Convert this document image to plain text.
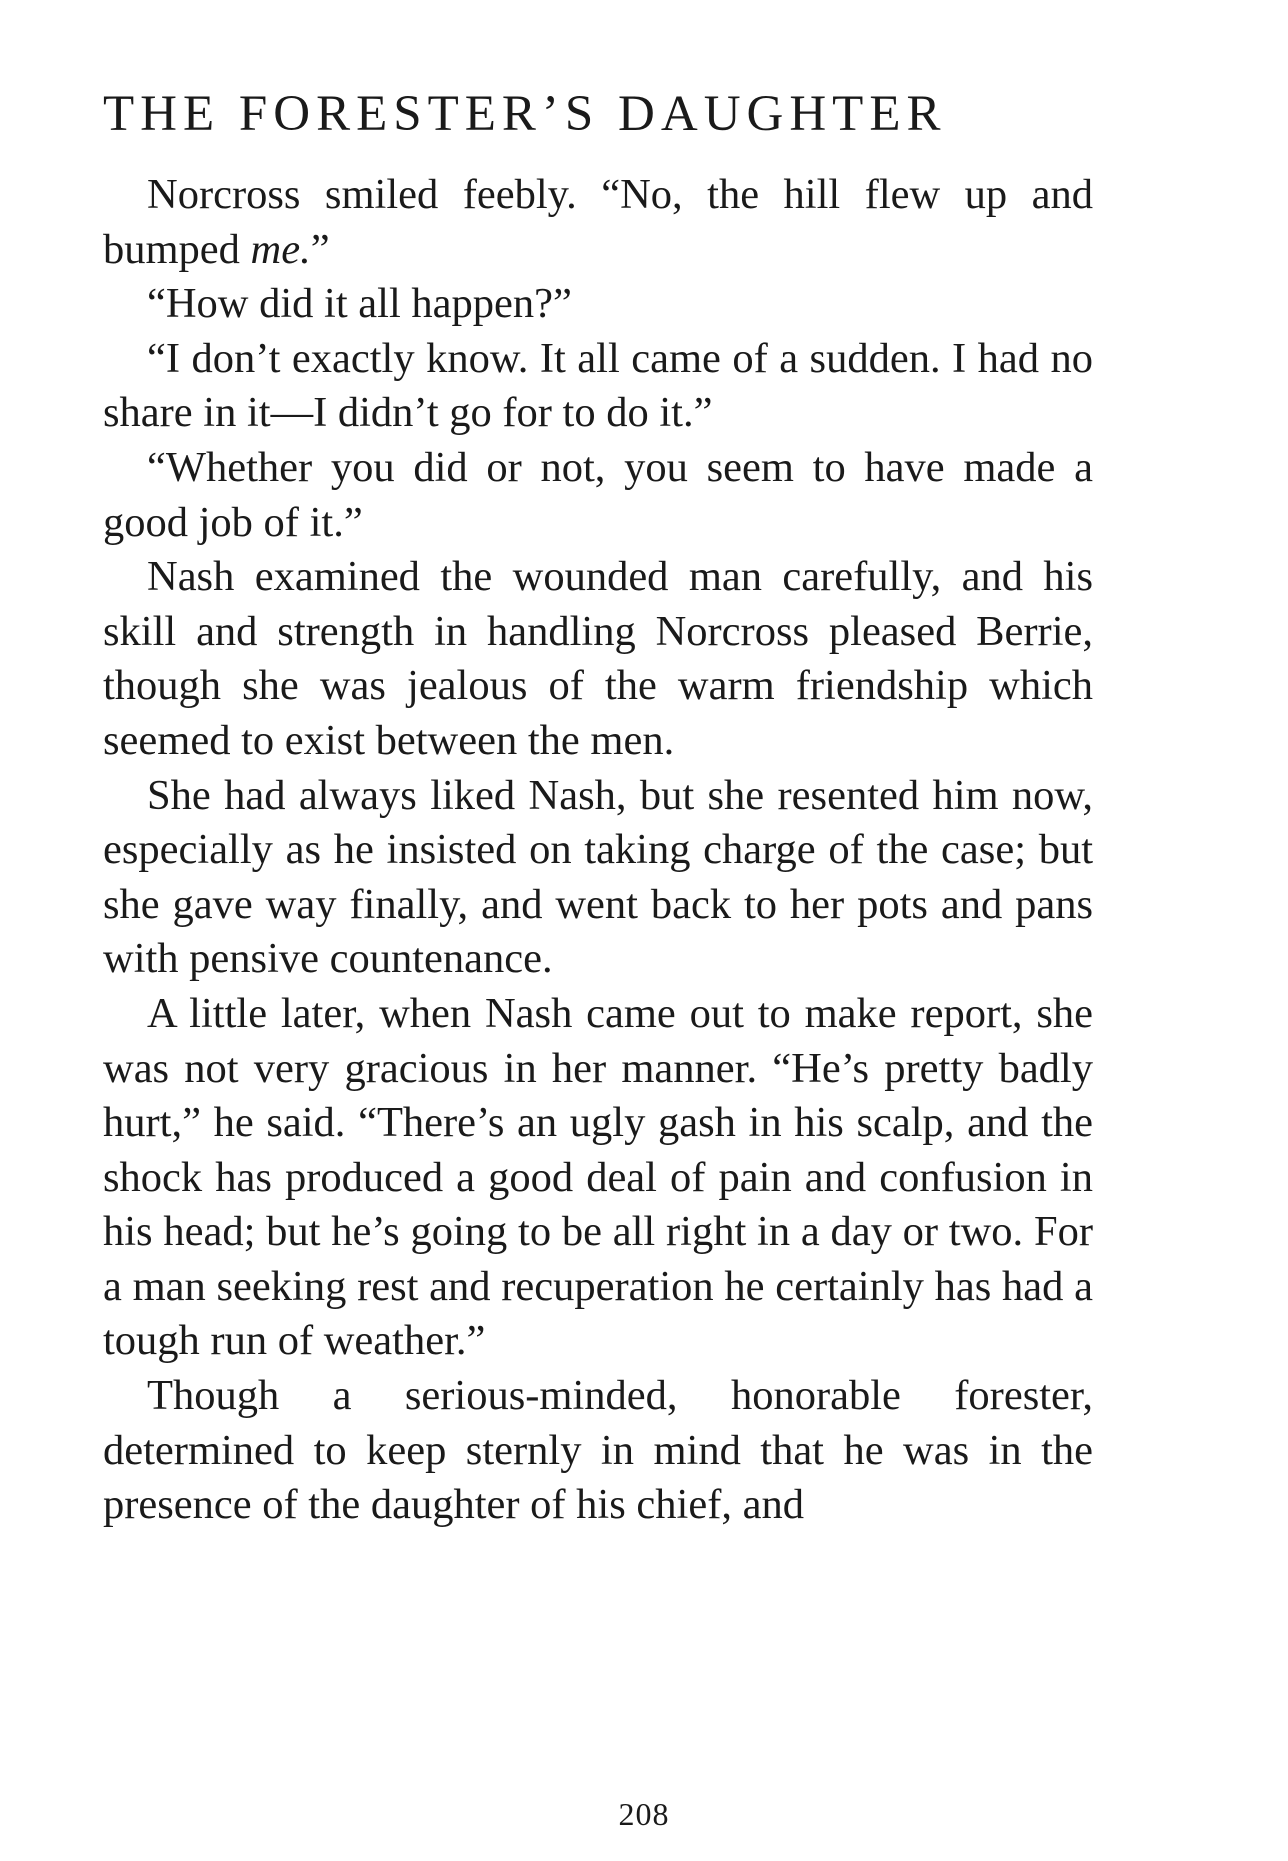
THE FORESTER’S DAUGHTER

Norcross smiled feebly. “No, the hill flew up and bumped me.”

“How did it all happen?”

“I don’t exactly know. It all came of a sudden. I had no share in it—I didn’t go for to do it.”

“Whether you did or not, you seem to have made a good job of it.”

Nash examined the wounded man carefully, and his skill and strength in handling Norcross pleased Berrie, though she was jealous of the warm friendship which seemed to exist between the men.

She had always liked Nash, but she resented him now, especially as he insisted on taking charge of the case; but she gave way finally, and went back to her pots and pans with pensive countenance.

A little later, when Nash came out to make report, she was not very gracious in her manner. “He’s pretty badly hurt,” he said. “There’s an ugly gash in his scalp, and the shock has produced a good deal of pain and confusion in his head; but he’s going to be all right in a day or two. For a man seeking rest and recuperation he certainly has had a tough run of weather.”

Though a serious-minded, honorable forester, determined to keep sternly in mind that he was in the presence of the daughter of his chief, and

208
